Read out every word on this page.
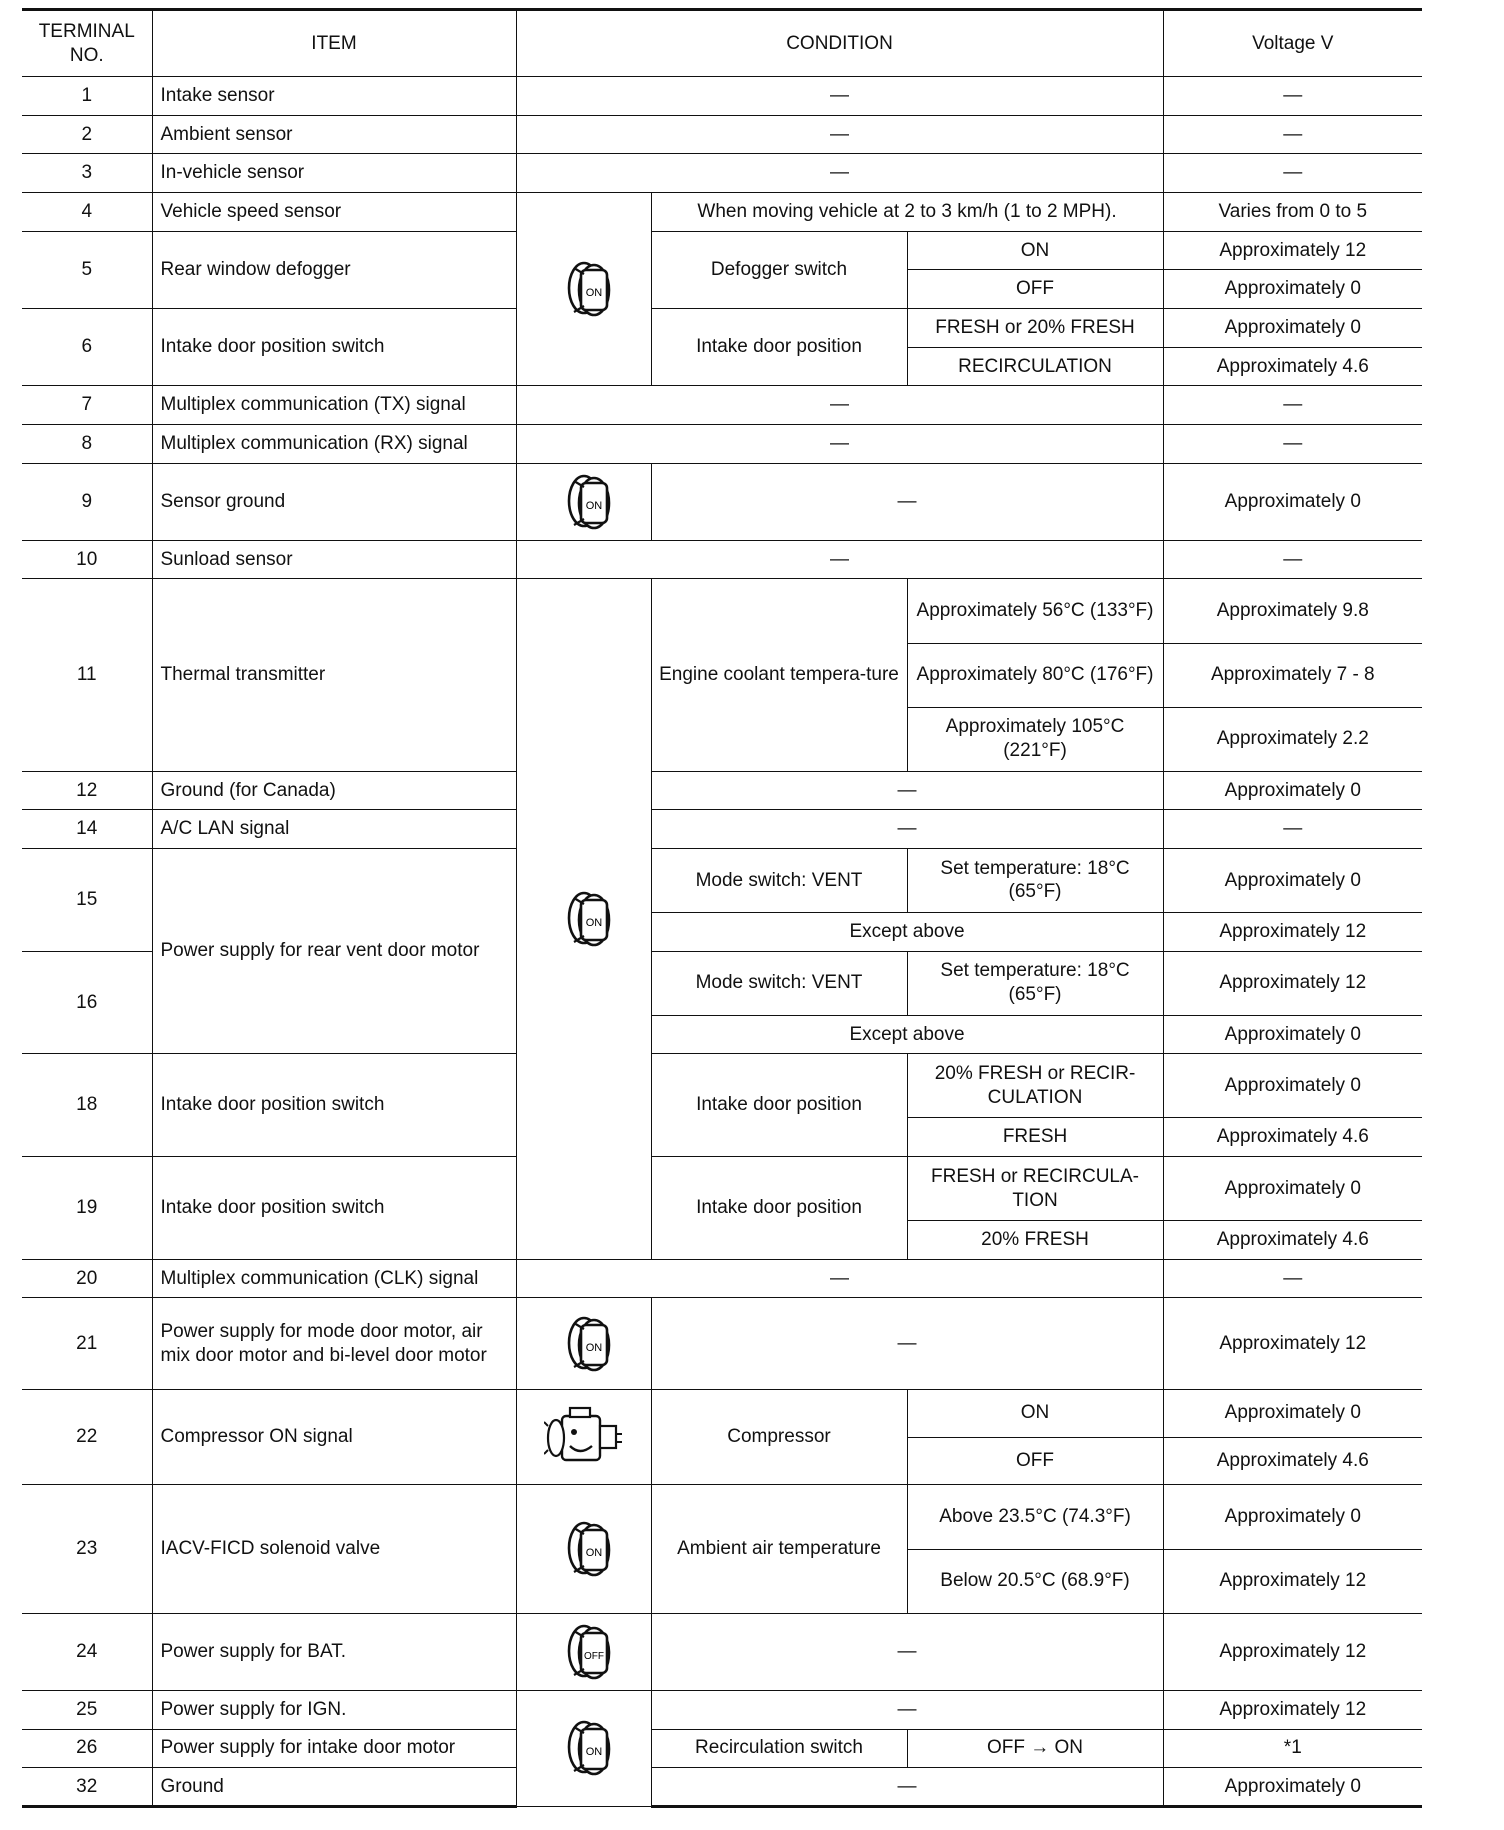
TERMINAL NO.	ITEM	CONDITION			Voltage V
1	Intake sensor	—			—
2	Ambient sensor	—			—
3	In-vehicle sensor	—			—
4	Vehicle speed sensor	ON	When moving vehicle at 2 to 3 km/h (1 to 2 MPH).		Varies from 0 to 5
5	Rear window defogger		Defogger switch	ON	Approximately 12
				OFF	Approximately 0
6	Intake door position switch		Intake door position	FRESH or 20% FRESH	Approximately 0
				RECIRCULATION	Approximately 4.6
7	Multiplex communication (TX) signal	—			—
8	Multiplex communication (RX) signal	—			—
9	Sensor ground	ON	—		Approximately 0
10	Sunload sensor	—			—
11	Thermal transmitter	ON	Engine coolant tempera-ture	Approximately 56°C (133°F)	Approximately 9.8
				Approximately 80°C (176°F)	Approximately 7 - 8
				Approximately 105°C (221°F)	Approximately 2.2
12	Ground (for Canada)		—		Approximately 0
14	A/C LAN signal		—		—
15	Power supply for rear vent door motor		Mode switch: VENT	Set temperature: 18°C (65°F)	Approximately 0
			Except above		Approximately 12
16			Mode switch: VENT	Set temperature: 18°C (65°F)	Approximately 12
			Except above		Approximately 0
18	Intake door position switch		Intake door position	20% FRESH or RECIR-CULATION	Approximately 0
				FRESH	Approximately 4.6
19	Intake door position switch		Intake door position	FRESH or RECIRCULA-TION	Approximately 0
				20% FRESH	Approximately 4.6
20	Multiplex communication (CLK) signal	—			—
21	Power supply for mode door motor, air mix door motor and bi-level door motor	ON	—		Approximately 12
22	Compressor ON signal		Compressor	ON	Approximately 0
				OFF	Approximately 4.6
23	IACV-FICD solenoid valve	ON	Ambient air temperature	Above 23.5°C (74.3°F)	Approximately 0
				Below 20.5°C (68.9°F)	Approximately 12
24	Power supply for BAT.	OFF	—		Approximately 12
25	Power supply for IGN.	ON	—		Approximately 12
26	Power supply for intake door motor		Recirculation switch	OFF → ON	*1
32	Ground		—		Approximately 0
